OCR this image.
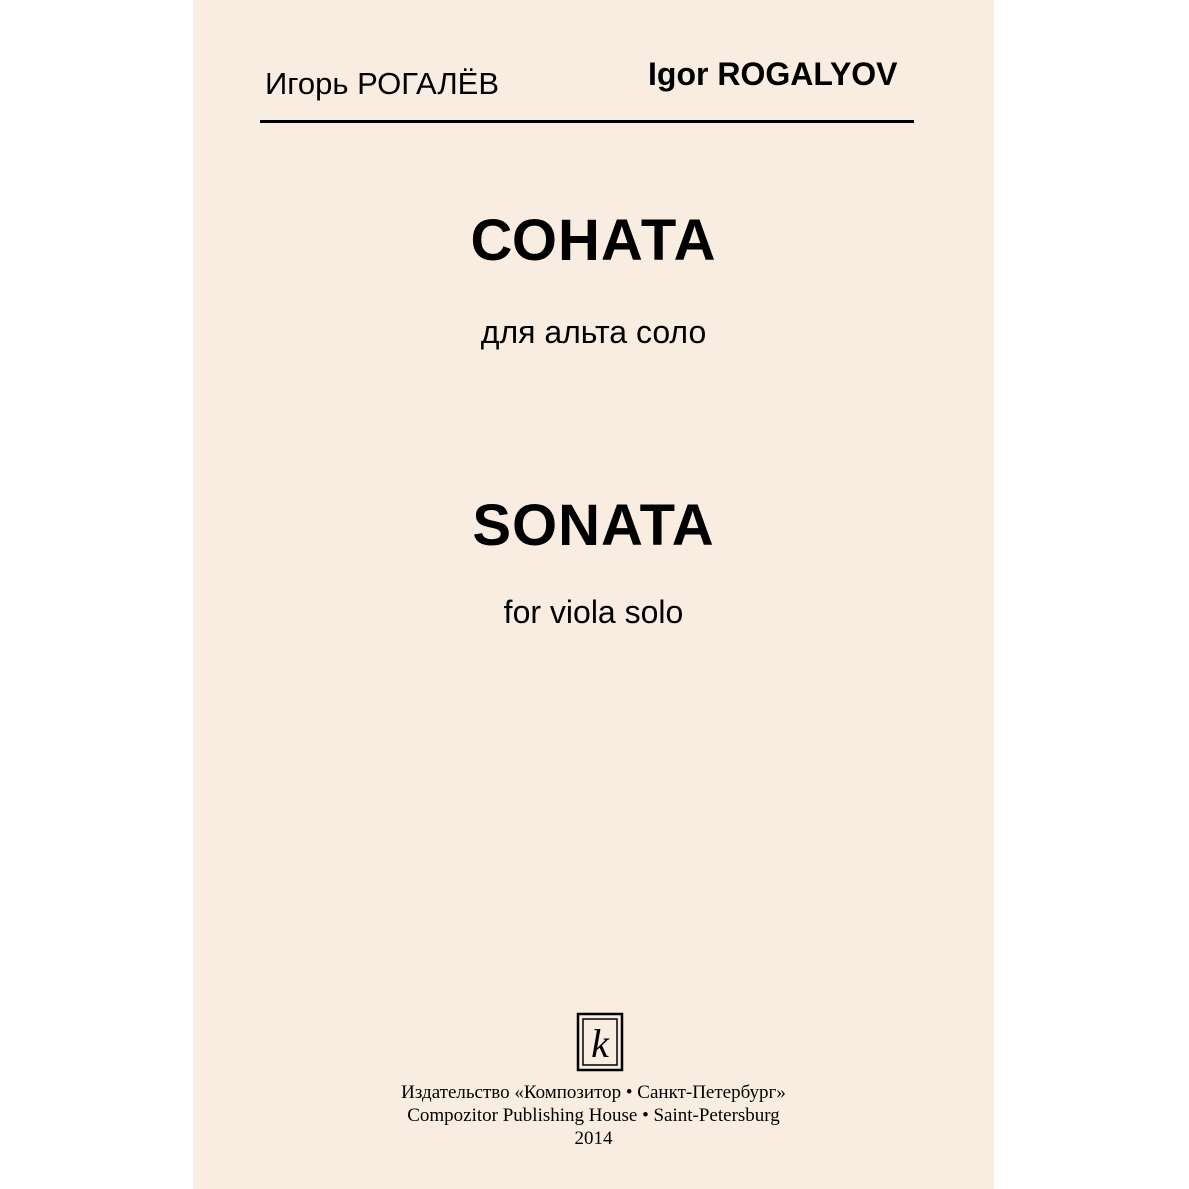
Игорь РОГАЛЁВ	Igor ROGALYOV

СОНАТА

для альта соло

SONATA

for viola solo

k

Издательство «Композитор • Санкт-Петербург»

Compozitor Publishing House • Saint-Petersburg

2014
